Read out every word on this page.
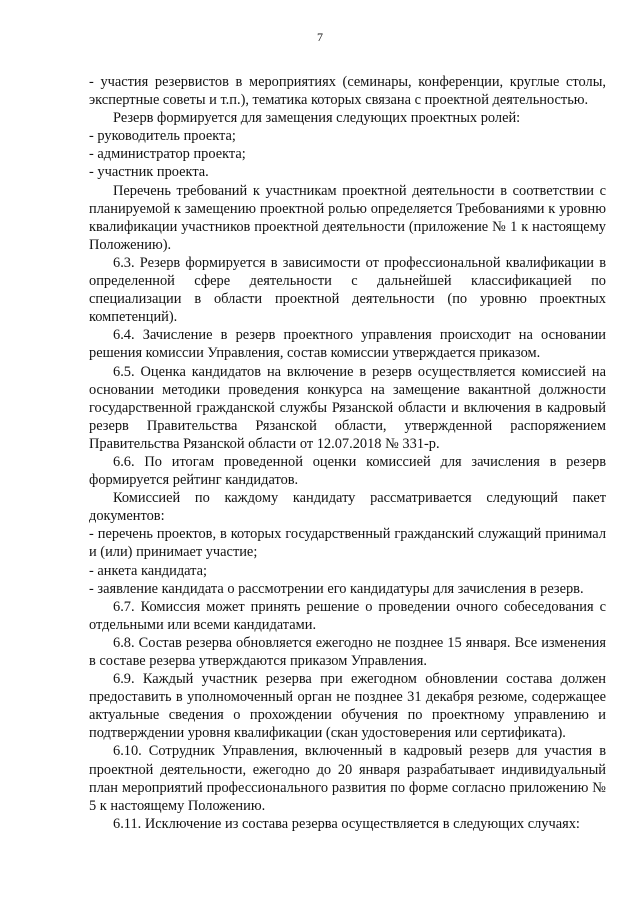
7

- участия резервистов в мероприятиях (семинары, конференции, круглые столы, экспертные советы и т.п.), тематика которых связана с проектной деятельностью.

Резерв формируется для замещения следующих проектных ролей:

- руководитель проекта;

- администратор проекта;

- участник проекта.

Перечень требований к участникам проектной деятельности в соответствии с планируемой к замещению проектной ролью определяется Требованиями к уровню квалификации участников проектной деятельности (приложение № 1 к настоящему Положению).

6.3. Резерв формируется в зависимости от профессиональной квалификации в определенной сфере деятельности с дальнейшей классификацией по специализации в области проектной деятельности (по уровню проектных компетенций).

6.4. Зачисление в резерв проектного управления происходит на основании решения комиссии Управления, состав комиссии утверждается приказом.

6.5. Оценка кандидатов на включение в резерв осуществляется комиссией на основании методики проведения конкурса на замещение вакантной должности государственной гражданской службы Рязанской области и включения в кадровый резерв Правительства Рязанской области, утвержденной распоряжением Правительства Рязанской области от 12.07.2018 № 331-р.

6.6. По итогам проведенной оценки комиссией для зачисления в резерв формируется рейтинг кандидатов.

Комиссией по каждому кандидату рассматривается следующий пакет документов:

- перечень проектов, в которых государственный гражданский служащий принимал и (или) принимает участие;

- анкета кандидата;

- заявление кандидата о рассмотрении его кандидатуры для зачисления в резерв.

6.7. Комиссия может принять решение о проведении очного собеседования с отдельными или всеми кандидатами.

6.8. Состав резерва обновляется ежегодно не позднее 15 января. Все изменения в составе резерва утверждаются приказом Управления.

6.9. Каждый участник резерва при ежегодном обновлении состава должен предоставить в уполномоченный орган не позднее 31 декабря резюме, содержащее актуальные сведения о прохождении обучения по проектному управлению и подтверждении уровня квалификации (скан удостоверения или сертификата).

6.10. Сотрудник Управления, включенный в кадровый резерв для участия в проектной деятельности, ежегодно до 20 января разрабатывает индивидуальный план мероприятий профессионального развития по форме согласно приложению № 5 к настоящему Положению.

6.11. Исключение из состава резерва осуществляется в следующих случаях:
